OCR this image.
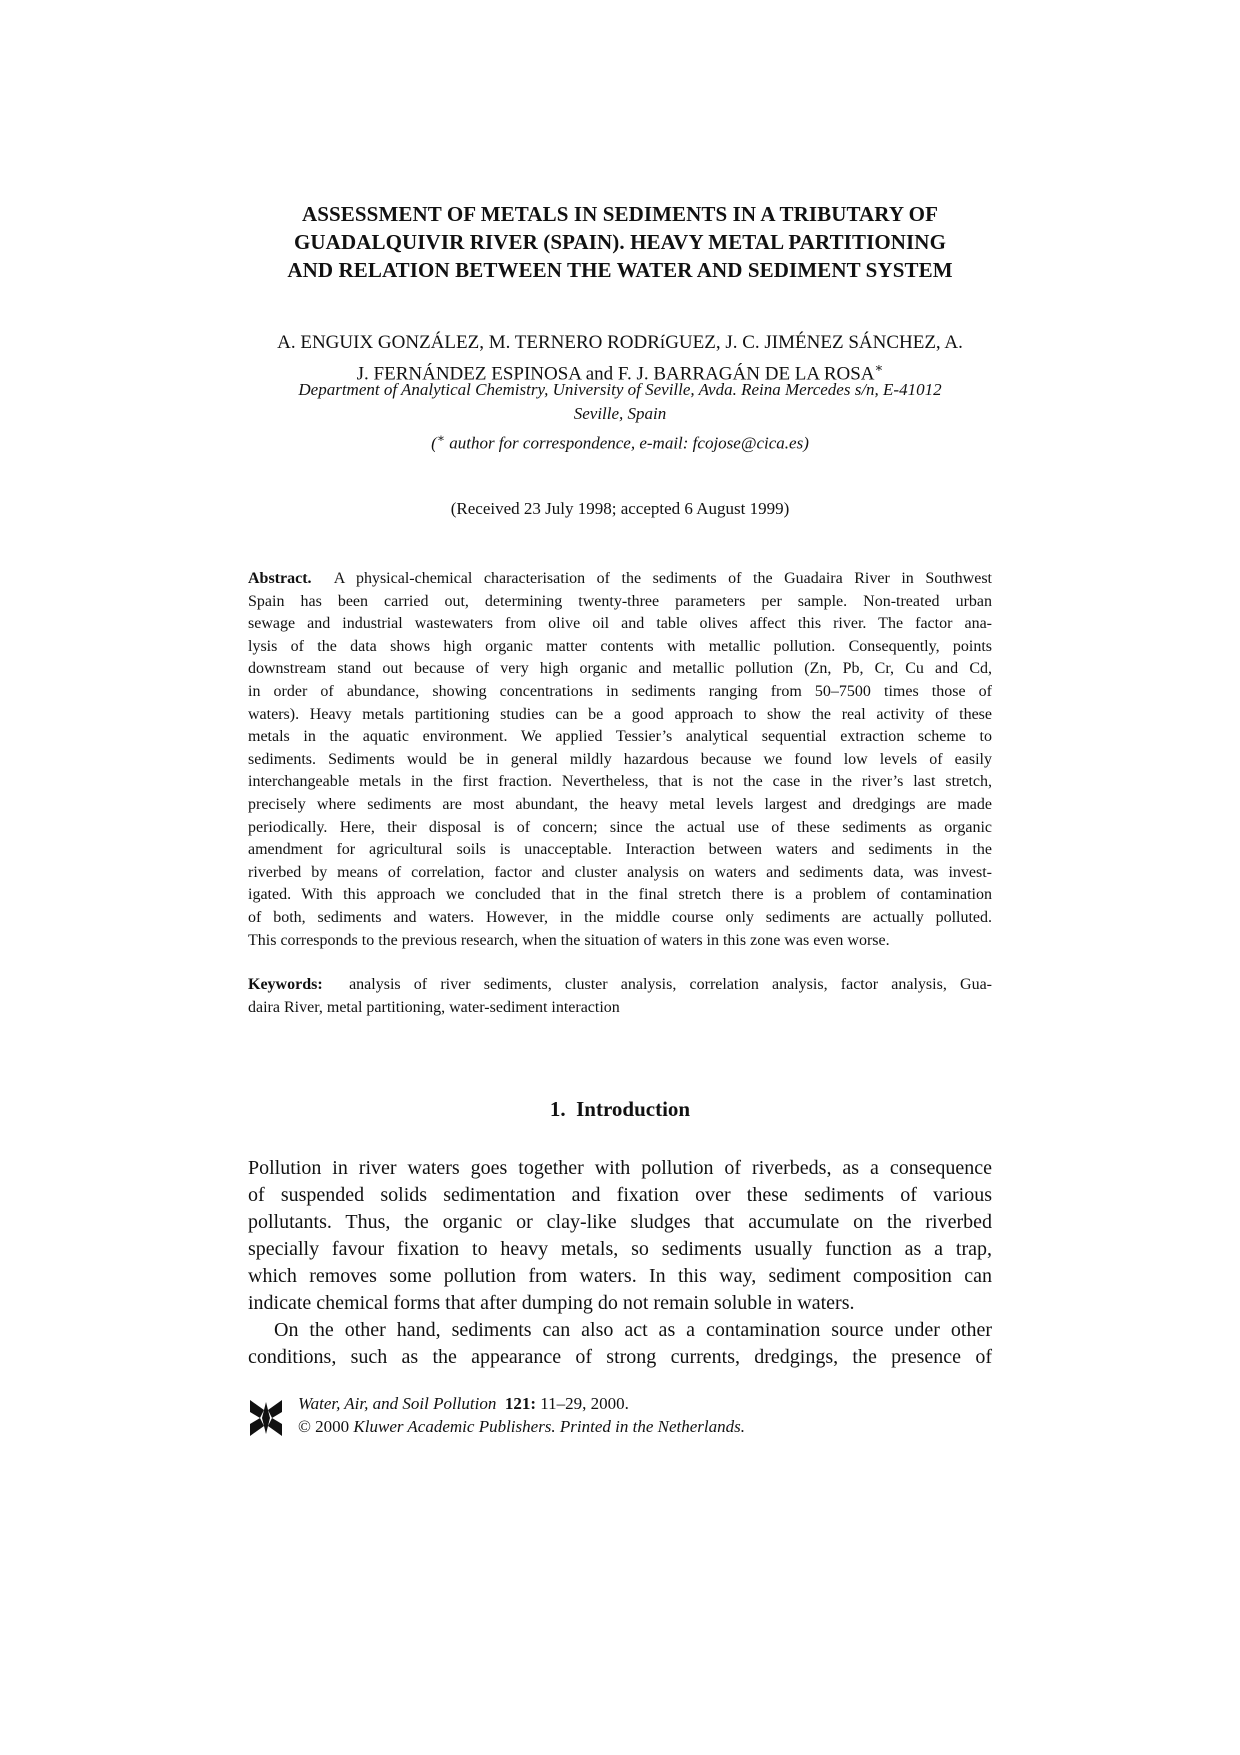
ASSESSMENT OF METALS IN SEDIMENTS IN A TRIBUTARY OF
GUADALQUIVIR RIVER (SPAIN). HEAVY METAL PARTITIONING
AND RELATION BETWEEN THE WATER AND SEDIMENT SYSTEM
A. ENGUIX GONZÁLEZ, M. TERNERO RODRíGUEZ, J. C. JIMÉNEZ SÁNCHEZ, A.
J. FERNÁNDEZ ESPINOSA and F. J. BARRAGÁN DE LA ROSA∗
Department of Analytical Chemistry, University of Seville, Avda. Reina Mercedes s/n, E-41012
Seville, Spain
(∗ author for correspondence, e-mail: fcojose@cica.es)
(Received 23 July 1998; accepted 6 August 1999)
Abstract. A physical-chemical characterisation of the sediments of the Guadaira River in Southwest
Spain has been carried out, determining twenty-three parameters per sample. Non-treated urban
sewage and industrial wastewaters from olive oil and table olives affect this river. The factor ana-
lysis of the data shows high organic matter contents with metallic pollution. Consequently, points
downstream stand out because of very high organic and metallic pollution (Zn, Pb, Cr, Cu and Cd,
in order of abundance, showing concentrations in sediments ranging from 50–7500 times those of
waters). Heavy metals partitioning studies can be a good approach to show the real activity of these
metals in the aquatic environment. We applied Tessier’s analytical sequential extraction scheme to
sediments. Sediments would be in general mildly hazardous because we found low levels of easily
interchangeable metals in the first fraction. Nevertheless, that is not the case in the river’s last stretch,
precisely where sediments are most abundant, the heavy metal levels largest and dredgings are made
periodically. Here, their disposal is of concern; since the actual use of these sediments as organic
amendment for agricultural soils is unacceptable. Interaction between waters and sediments in the
riverbed by means of correlation, factor and cluster analysis on waters and sediments data, was invest-
igated. With this approach we concluded that in the final stretch there is a problem of contamination
of both, sediments and waters. However, in the middle course only sediments are actually polluted.
This corresponds to the previous research, when the situation of waters in this zone was even worse.
Keywords: analysis of river sediments, cluster analysis, correlation analysis, factor analysis, Gua-
daira River, metal partitioning, water-sediment interaction
1. Introduction
Pollution in river waters goes together with pollution of riverbeds, as a consequence
of suspended solids sedimentation and fixation over these sediments of various
pollutants. Thus, the organic or clay-like sludges that accumulate on the riverbed
specially favour fixation to heavy metals, so sediments usually function as a trap,
which removes some pollution from waters. In this way, sediment composition can
indicate chemical forms that after dumping do not remain soluble in waters.
On the other hand, sediments can also act as a contamination source under other
conditions, such as the appearance of strong currents, dredgings, the presence of
Water, Air, and Soil Pollution 121: 11–29, 2000.
© 2000 Kluwer Academic Publishers. Printed in the Netherlands.
